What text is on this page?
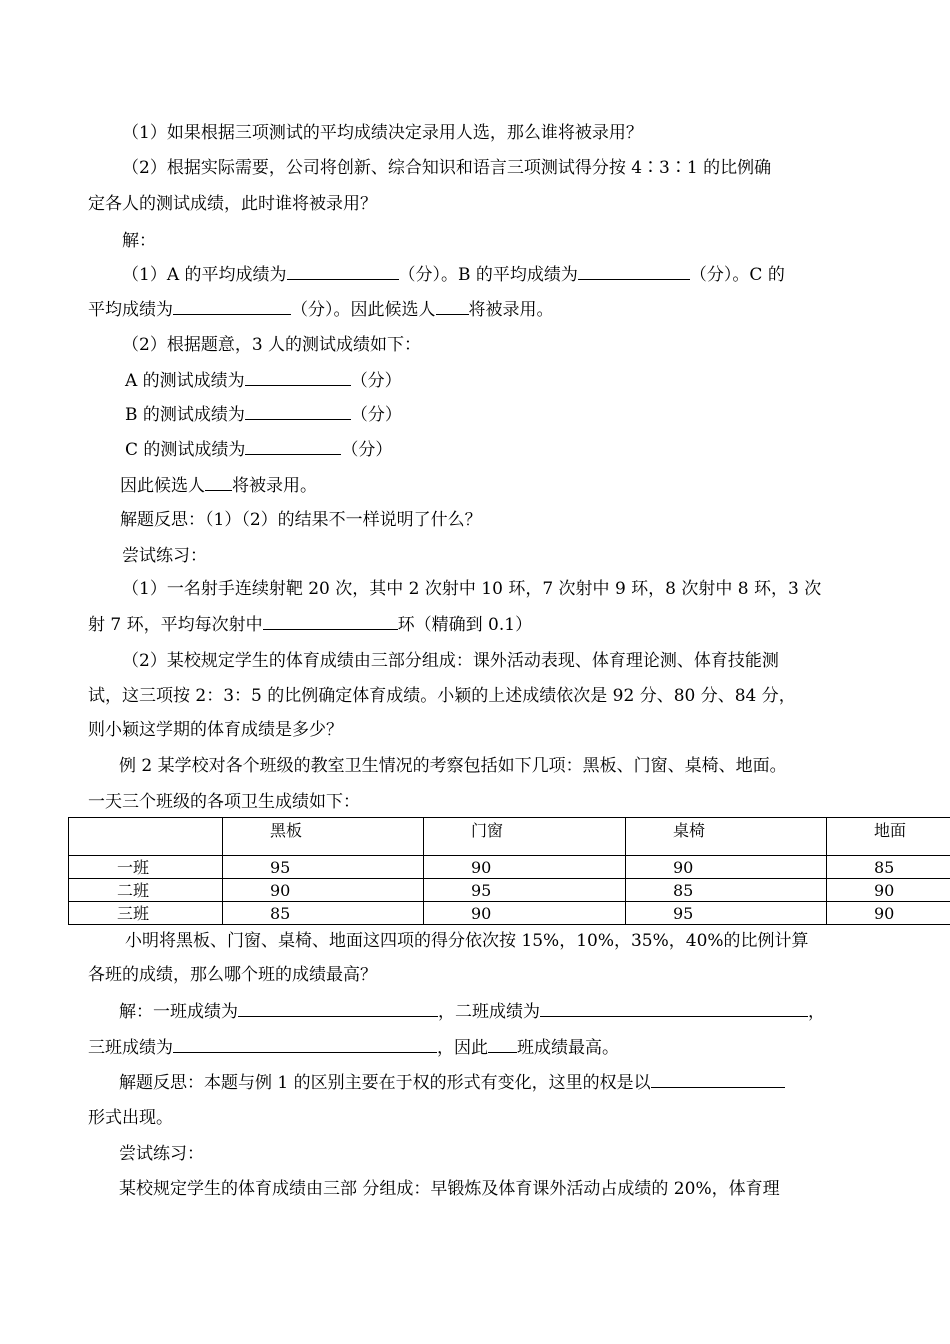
（1）如果根据三项测试的平均成绩决定录用人选，那么谁将被录用？
（2）根据实际需要，公司将创新、综合知识和语言三项测试得分按 4∶3∶1 的比例确
定各人的测试成绩，此时谁将被录用？
解：
（1）A 的平均成绩为	（分）。B 的平均成绩为	（分）。C 的
平均成绩为	（分）。因此候选人 将被录用。
（2）根据题意，3 人的测试成绩如下：
A 的测试成绩为	（分）
B 的测试成绩为	（分）
C 的测试成绩为	（分）
因此候选人 将被录用。
解题反思：（1）（2）的结果不一样说明了什么？
尝试练习：
（1）一名射手连续射靶 20 次，其中 2 次射中 10 环，7 次射中 9 环，8 次射中 8 环，3 次
射 7 环，平均每次射中	环（精确到 0.1）
（2）某校规定学生的体育成绩由三部分组成：课外活动表现、体育理论测、体育技能测
试，这三项按 2：3：5 的比例确定体育成绩。小颖的上述成绩依次是 92 分、80 分、84 分，
则小颖这学期的体育成绩是多少？
例 2 某学校对各个班级的教室卫生情况的考察包括如下几项：黑板、门窗、桌椅、地面。
一天三个班级的各项卫生成绩如下：
	黑板	门窗	桌椅	地面
一班	95	90	90	85
二班	90	95	85	90
三班	85	90	95	90
小明将黑板、门窗、桌椅、地面这四项的得分依次按 15%，10%，35%，40%的比例计算
各班的成绩，那么哪个班的成绩最高？
解：一班成绩为	，二班成绩为	，
三班成绩为	，因此 班成绩最高。
解题反思：本题与例 1 的区别主要在于权的形式有变化，这里的权是以
形式出现。
尝试练习：
某校规定学生的体育成绩由三部 分组成：早锻炼及体育课外活动占成绩的 20%，体育理
